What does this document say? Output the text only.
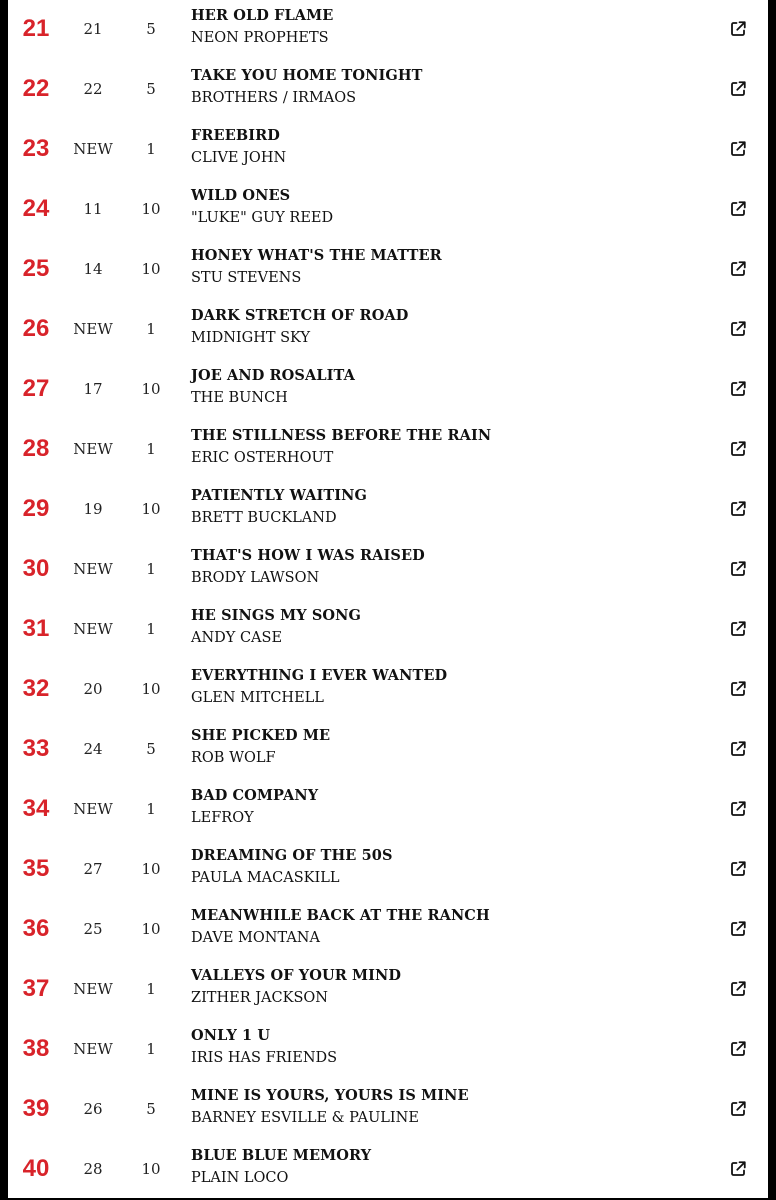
21	21	5
HER OLD FLAME
NEON PROPHETS
22	22	5
TAKE YOU HOME TONIGHT
BROTHERS / IRMAOS
23	NEW	1
FREEBIRD
CLIVE JOHN
24	11	10
WILD ONES
"LUKE" GUY REED
25	14	10
HONEY WHAT'S THE MATTER
STU STEVENS
26	NEW	1
DARK STRETCH OF ROAD
MIDNIGHT SKY
27	17	10
JOE AND ROSALITA
THE BUNCH
28	NEW	1
THE STILLNESS BEFORE THE RAIN
ERIC OSTERHOUT
29	19	10
PATIENTLY WAITING
BRETT BUCKLAND
30	NEW	1
THAT'S HOW I WAS RAISED
BRODY LAWSON
31	NEW	1
HE SINGS MY SONG
ANDY CASE
32	20	10
EVERYTHING I EVER WANTED
GLEN MITCHELL
33	24	5
SHE PICKED ME
ROB WOLF
34	NEW	1
BAD COMPANY
LEFROY
35	27	10
DREAMING OF THE 50S
PAULA MACASKILL
36	25	10
MEANWHILE BACK AT THE RANCH
DAVE MONTANA
37	NEW	1
VALLEYS OF YOUR MIND
ZITHER JACKSON
38	NEW	1
ONLY 1 U
IRIS HAS FRIENDS
39	26	5
MINE IS YOURS, YOURS IS MINE
BARNEY ESVILLE & PAULINE
40	28	10
BLUE BLUE MEMORY
PLAIN LOCO
